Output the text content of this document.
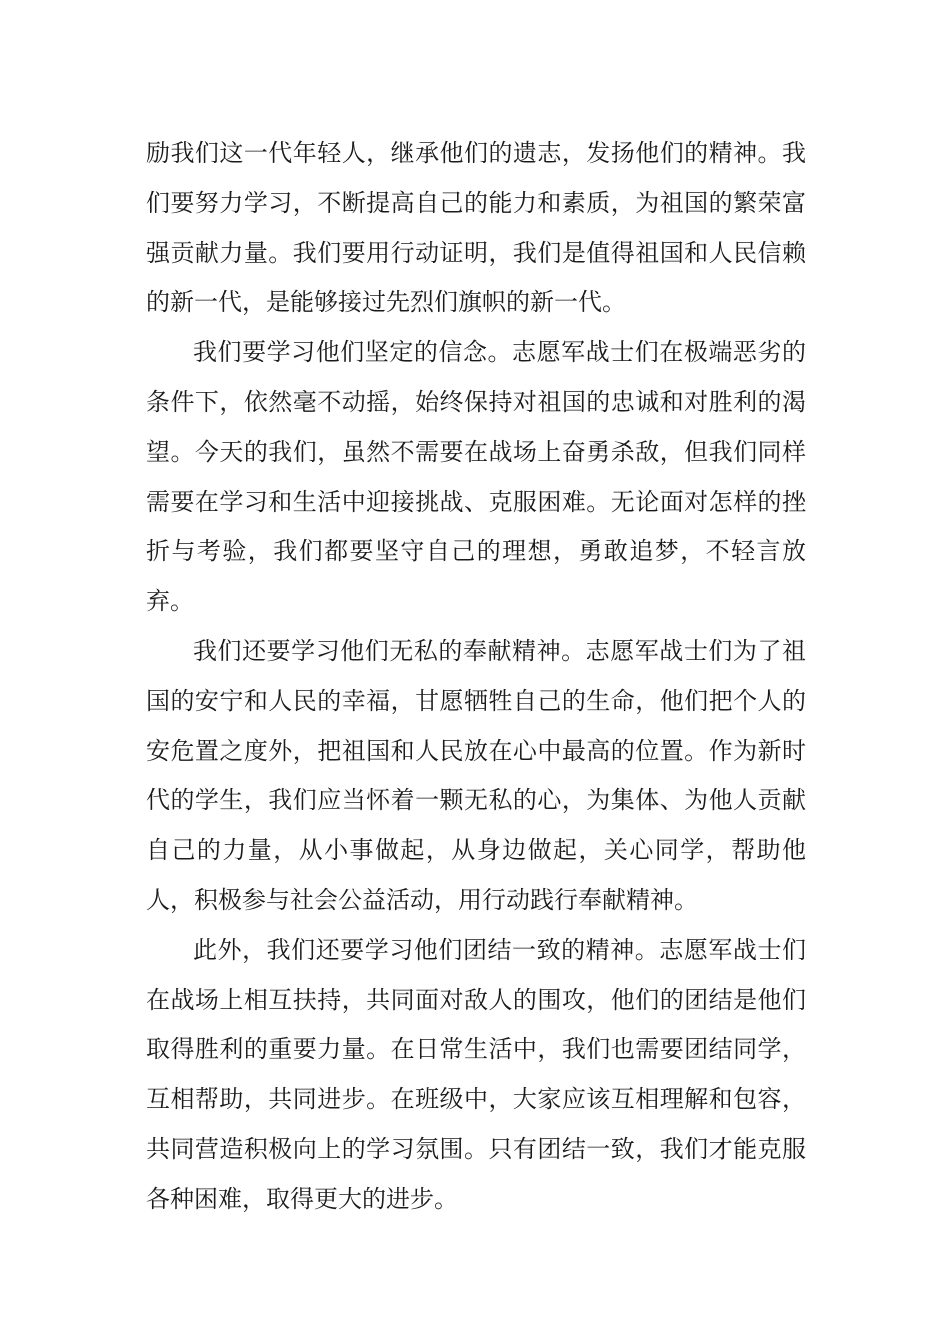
励我们这一代年轻人，继承他们的遗志，发扬他们的精神。我
们要努力学习，不断提高自己的能力和素质，为祖国的繁荣富
强贡献力量。我们要用行动证明，我们是值得祖国和人民信赖
的新一代，是能够接过先烈们旗帜的新一代。
我们要学习他们坚定的信念。志愿军战士们在极端恶劣的
条件下，依然毫不动摇，始终保持对祖国的忠诚和对胜利的渴
望。今天的我们，虽然不需要在战场上奋勇杀敌，但我们同样
需要在学习和生活中迎接挑战、克服困难。无论面对怎样的挫
折与考验，我们都要坚守自己的理想，勇敢追梦，不轻言放
弃。
我们还要学习他们无私的奉献精神。志愿军战士们为了祖
国的安宁和人民的幸福，甘愿牺牲自己的生命，他们把个人的
安危置之度外，把祖国和人民放在心中最高的位置。作为新时
代的学生，我们应当怀着一颗无私的心，为集体、为他人贡献
自己的力量，从小事做起，从身边做起，关心同学，帮助他
人，积极参与社会公益活动，用行动践行奉献精神。
此外，我们还要学习他们团结一致的精神。志愿军战士们
在战场上相互扶持，共同面对敌人的围攻，他们的团结是他们
取得胜利的重要力量。在日常生活中，我们也需要团结同学，
互相帮助，共同进步。在班级中，大家应该互相理解和包容，
共同营造积极向上的学习氛围。只有团结一致，我们才能克服
各种困难，取得更大的进步。
